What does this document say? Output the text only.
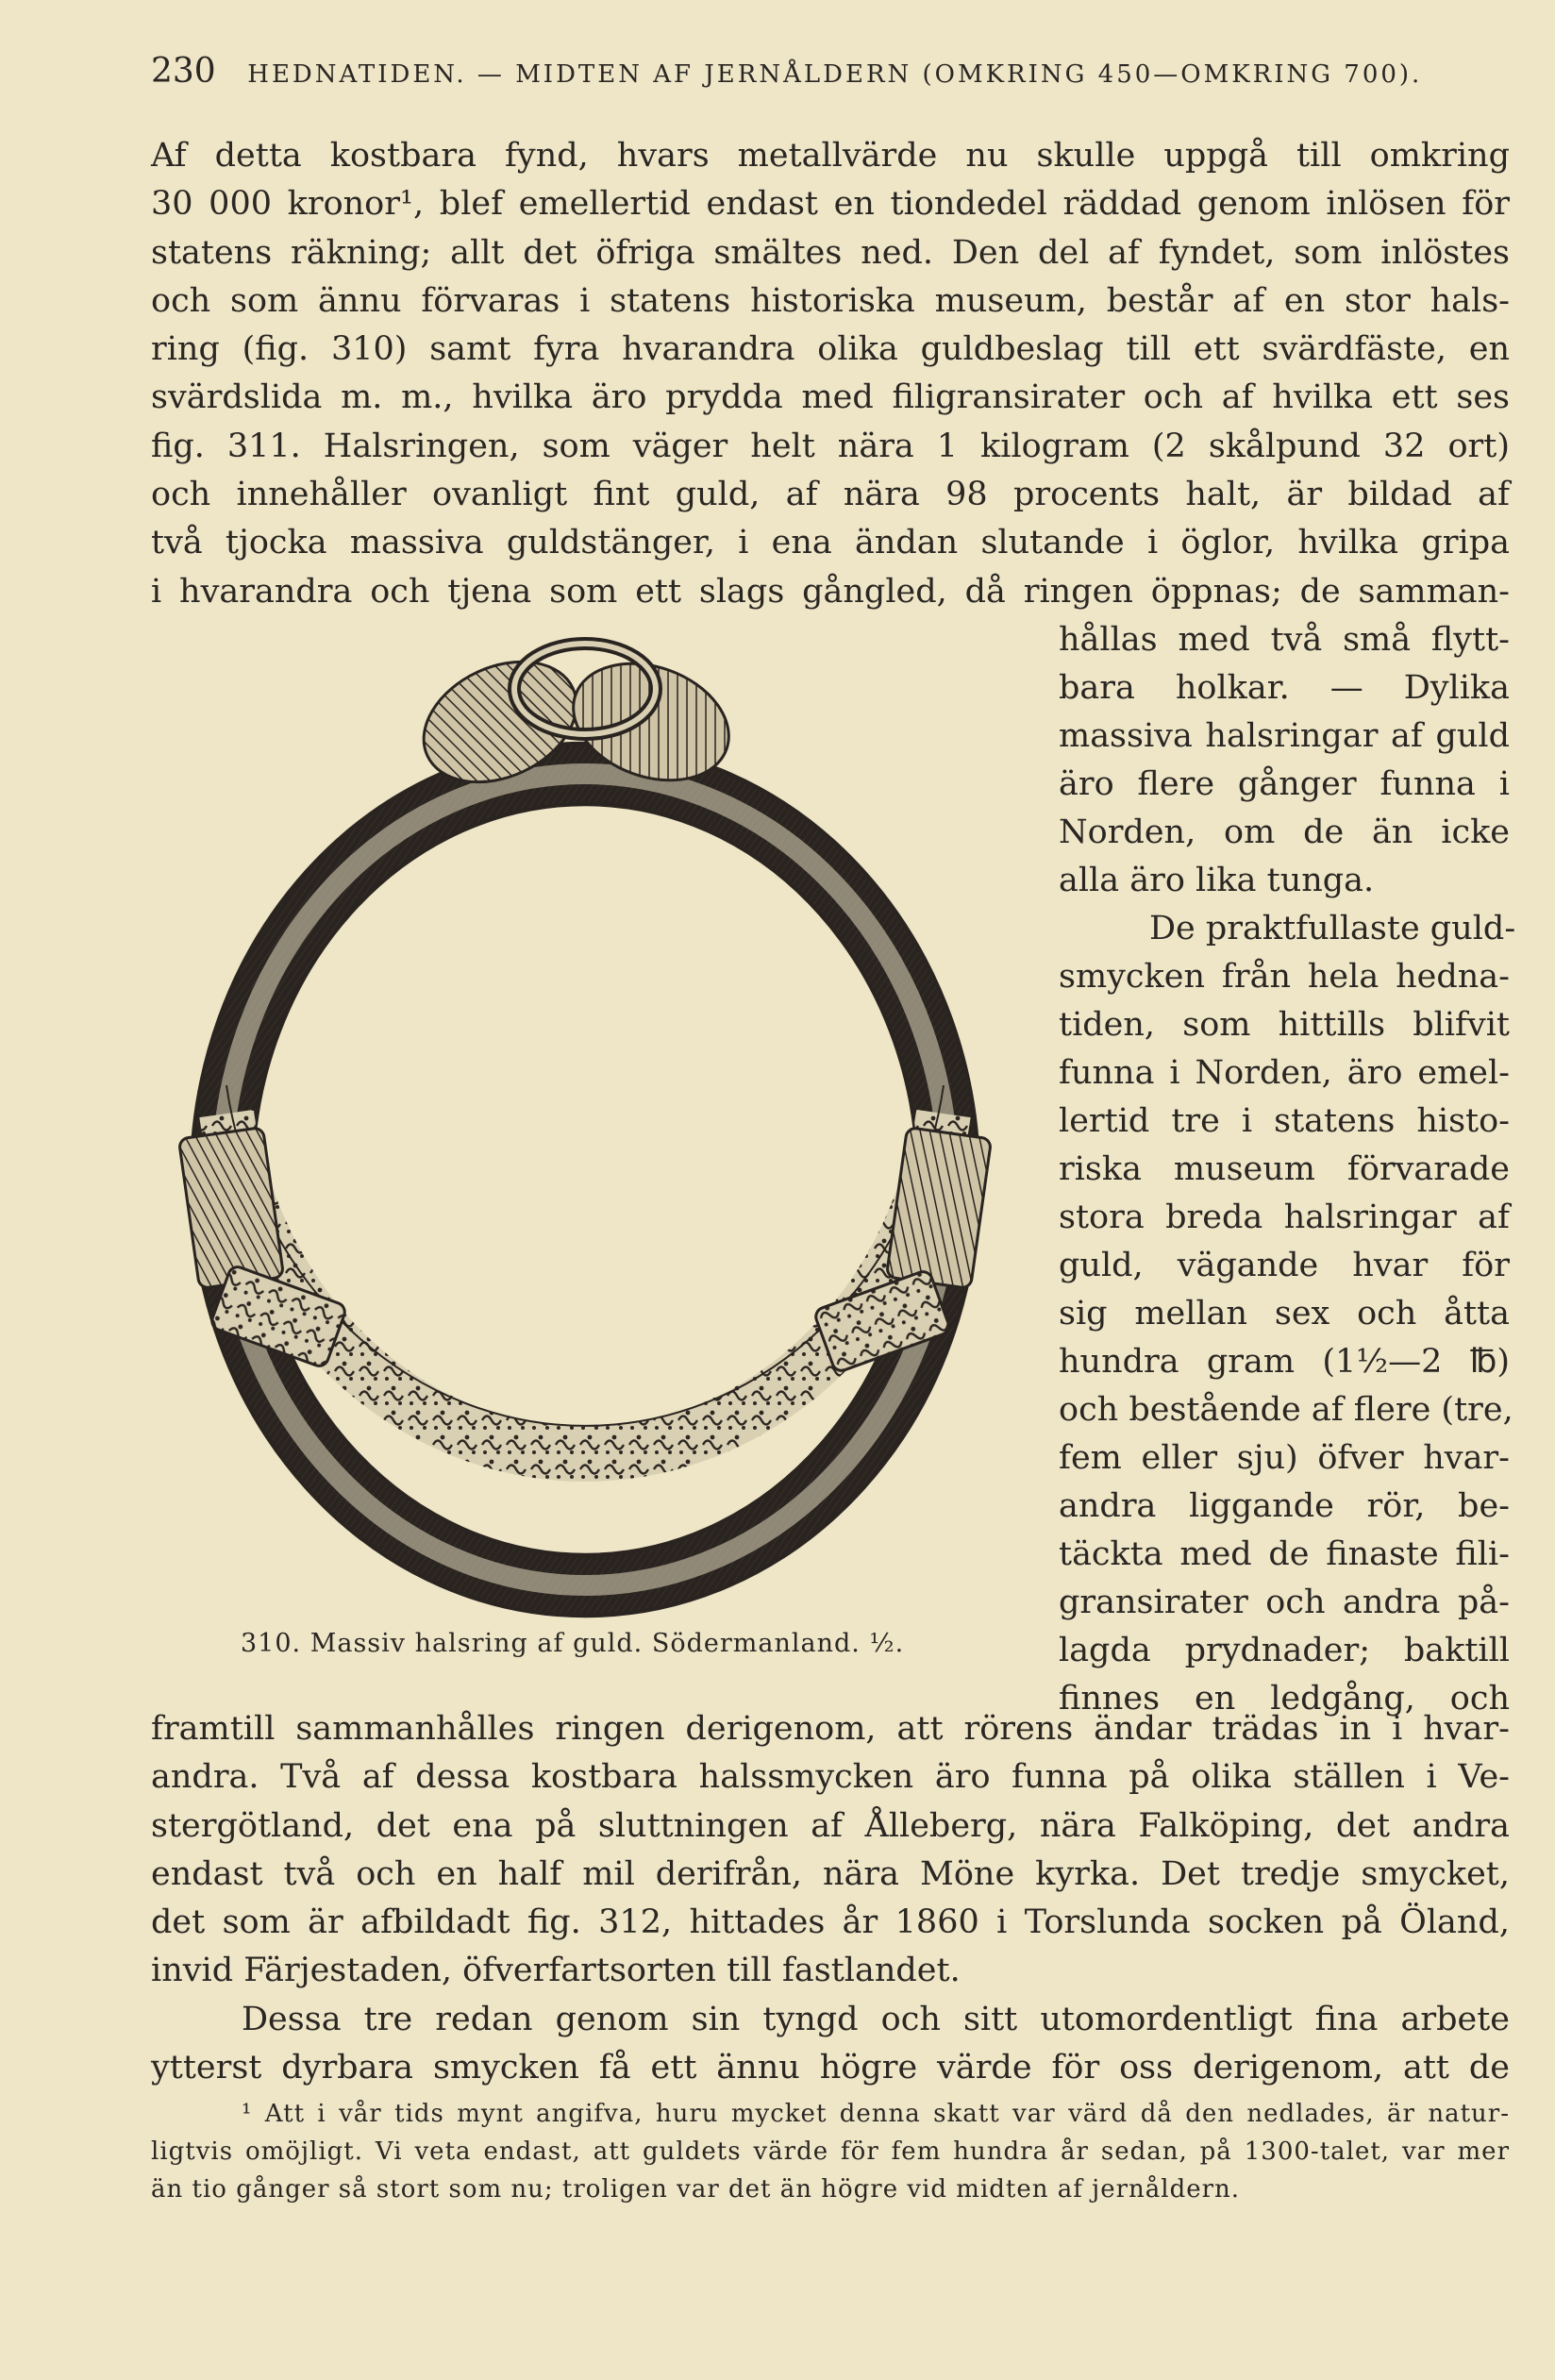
230 HEDNATIDEN. — MIDTEN AF JERNÅLDERN (OMKRING 450—OMKRING 700).

Af detta kostbara fynd, hvars metallvärde nu skulle uppgå till omkring
30 000 kronor¹, blef emellertid endast en tiondedel räddad genom inlösen för
statens räkning; allt det öfriga smältes ned. Den del af fyndet, som inlöstes
och som ännu förvaras i statens historiska museum, består af en stor hals-
ring (fig. 310) samt fyra hvarandra olika guldbeslag till ett svärdfäste, en
svärdslida m. m., hvilka äro prydda med filigransirater och af hvilka ett ses
fig. 311. Halsringen, som väger helt nära 1 kilogram (2 skålpund 32 ort)
och innehåller ovanligt fint guld, af nära 98 procents halt, är bildad af
två tjocka massiva guldstänger, i ena ändan slutande i öglor, hvilka gripa
i hvarandra och tjena som ett slags gångled, då ringen öppnas; de samman-

hållas med två små flytt-
bara holkar. — Dylika
massiva halsringar af guld
äro flere gånger funna i
Norden, om de än icke
alla äro lika tunga.
De praktfullaste guld-
smycken från hela hedna-
tiden, som hittills blifvit
funna i Norden, äro emel-
lertid tre i statens histo-
riska museum förvarade
stora breda halsringar af
guld, vägande hvar för
sig mellan sex och åtta
hundra gram (1½—2 ℔)
och bestående af flere (tre,
fem eller sju) öfver hvar-
andra liggande rör, be-
täckta med de finaste fili-
gransirater och andra på-
lagda prydnader; baktill
finnes en ledgång, och

310. Massiv halsring af guld. Södermanland. ½.

framtill sammanhålles ringen derigenom, att rörens ändar trädas in i hvar-
andra. Två af dessa kostbara halssmycken äro funna på olika ställen i Ve-
stergötland, det ena på sluttningen af Ålleberg, nära Falköping, det andra
endast två och en half mil derifrån, nära Möne kyrka. Det tredje smycket,
det som är afbildadt fig. 312, hittades år 1860 i Torslunda socken på Öland,
invid Färjestaden, öfverfartsorten till fastlandet.

Dessa tre redan genom sin tyngd och sitt utomordentligt fina arbete
ytterst dyrbara smycken få ett ännu högre värde för oss derigenom, att de

¹ Att i vår tids mynt angifva, huru mycket denna skatt var värd då den nedlades, är natur-
ligtvis omöjligt. Vi veta endast, att guldets värde för fem hundra år sedan, på 1300-talet, var mer
än tio gånger så stort som nu; troligen var det än högre vid midten af jernåldern.
